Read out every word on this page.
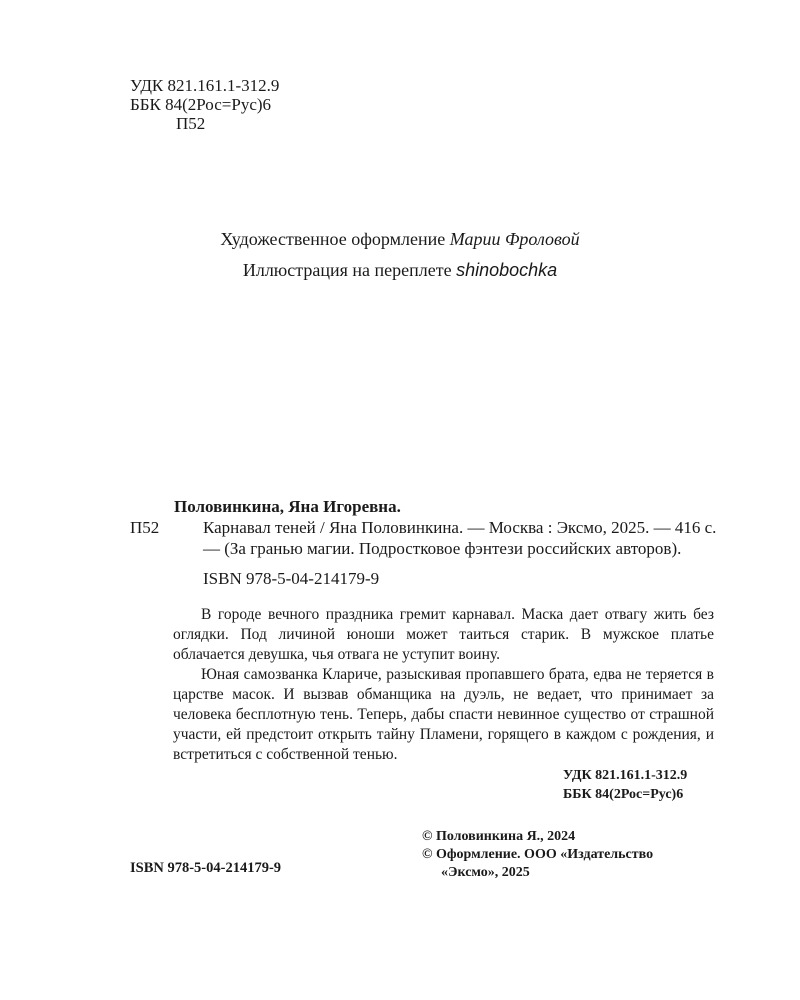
УДК 821.161.1-312.9
ББК 84(2Рос=Рус)6
П52
Художественное оформление Марии Фроловой
Иллюстрация на переплете shinobochka
Половинкина, Яна Игоревна.
П52	Карнавал теней / Яна Половинкина. — Москва : Эксмо, 2025. — 416 с. — (За гранью магии. Подростковое фэнтези российских авторов).
ISBN 978-5-04-214179-9

В городе вечного праздника гремит карнавал. Маска дает отвагу жить без оглядки. Под личиной юноши может таиться старик. В мужское платье облачается девушка, чья отвага не уступит воину.

Юная самозванка Клариче, разыскивая пропавшего брата, едва не теряется в царстве масок. И вызвав обманщика на дуэль, не ведает, что принимает за человека бесплотную тень. Теперь, дабы спасти невинное существо от страшной участи, ей предстоит открыть тайну Пламени, горящего в каждом с рождения, и встретиться с собственной тенью.

УДК 821.161.1-312.9
ББК 84(2Рос=Рус)6
© Половинкина Я., 2024
© Оформление. ООО «Издательство
«Эксмо», 2025
ISBN 978-5-04-214179-9
